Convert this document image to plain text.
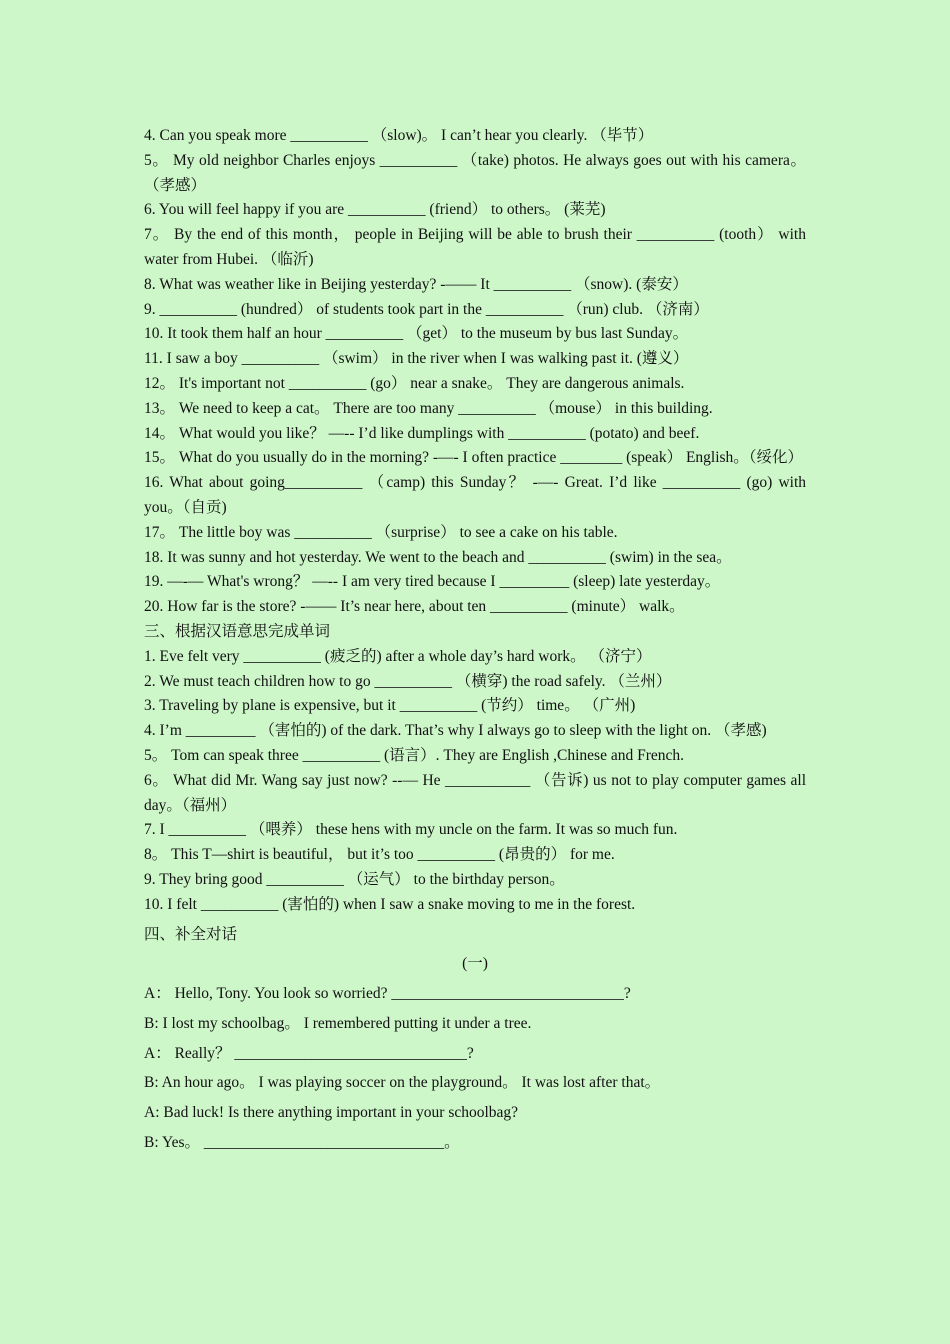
4. Can you speak more __________ （slow)。 I can’t hear you clearly. （毕节）
5。 My old neighbor Charles enjoys __________ （take) photos. He always goes out with his camera。 （孝感）
6. You will feel happy if you are __________ (friend） to others。 (莱芜)
7。 By the end of this month， people in Beijing will be able to brush their __________ (tooth） with water from Hubei. （临沂)
8. What was weather like in Beijing yesterday? -—— It __________ （snow). (泰安）
9. __________ (hundred） of students took part in the __________ （run) club. （济南）
10. It took them half an hour __________ （get） to the museum by bus last Sunday。
11. I saw a boy __________ （swim） in the river when I was walking past it. (遵义）
12。 It's important not __________ (go） near a snake。 They are dangerous animals.
13。 We need to keep a cat。 There are too many __________ （mouse） in this building.
14。 What would you like？ —-- I’d like dumplings with __________ (potato) and beef.
15。 What do you usually do in the morning? -—- I often practice ________ (speak） English。（绥化）
16. What about going__________ （camp) this Sunday？ -—- Great. I’d like __________ (go) with you。（自贡)
17。 The little boy was __________ （surprise） to see a cake on his table.
18. It was sunny and hot yesterday. We went to the beach and __________ (swim) in the sea。
19. —-— What's wrong？ —-- I am very tired because I _________ (sleep) late yesterday。
20. How far is the store? -—— It’s near here, about ten __________ (minute） walk。
三、根据汉语意思完成单词
1. Eve felt very __________ (疲乏的) after a whole day’s hard work。 （济宁）
2. We must teach children how to go __________ （横穿) the road safely. （兰州）
3. Traveling by plane is expensive, but it __________ (节约） time。 （广州)
4. I’m _________ （害怕的) of the dark. That’s why I always go to sleep with the light on. （孝感)
5。 Tom can speak three __________ (语言）. They are English ,Chinese and French.
6。 What did Mr. Wang say just now? --— He ___________ （告诉) us not to play computer games all day。（福州）
7. I __________ （喂养） these hens with my uncle on the farm. It was so much fun.
8。 This T—shirt is beautiful， but it’s too __________ (昂贵的） for me.
9. They bring good __________ （运气） to the birthday person。
10. I felt __________ (害怕的) when I saw a snake moving to me in the forest.
四、补全对话
(一)
A： Hello, Tony. You look so worried? ______________________________?
B: I lost my schoolbag。 I remembered putting it under a tree.
A： Really？ ______________________________?
B: An hour ago。 I was playing soccer on the playground。 It was lost after that。
A: Bad luck! Is there anything important in your schoolbag?
B: Yes。 _______________________________。
